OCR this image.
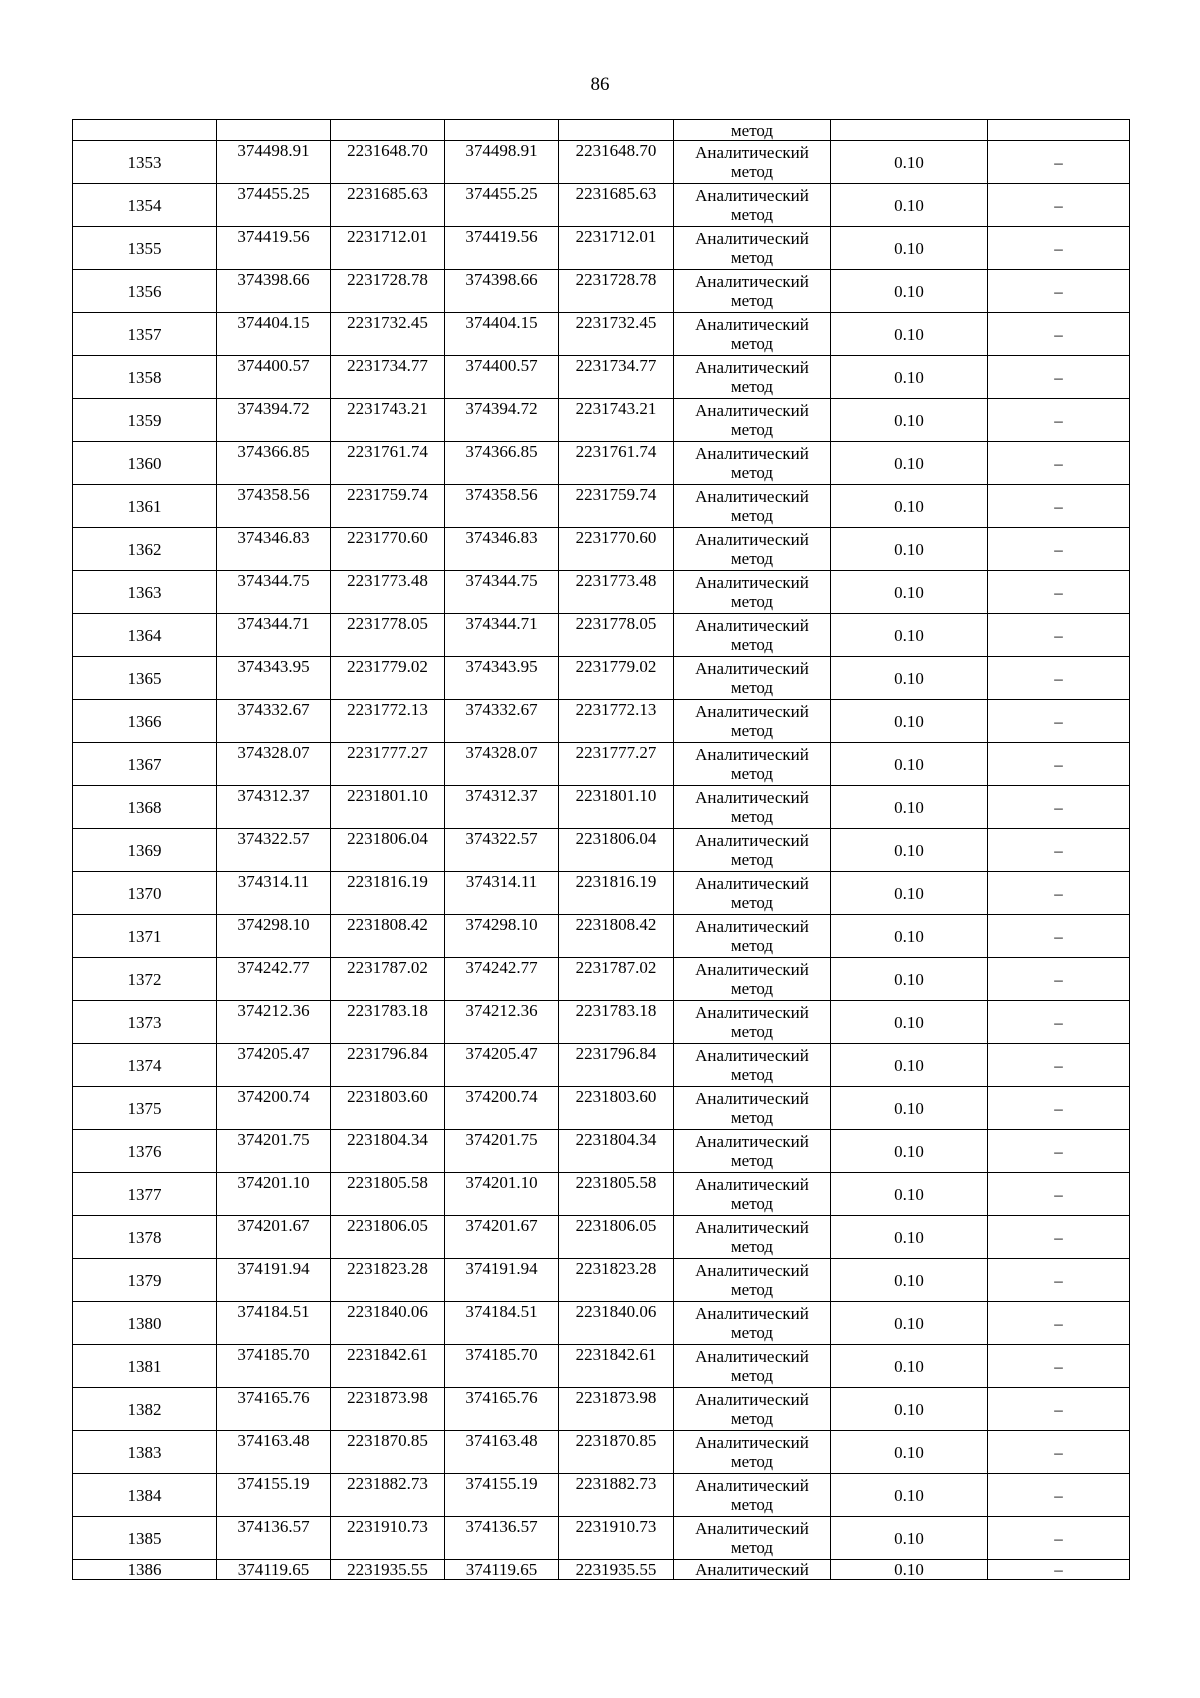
86
					метод		
1353	374498.91	2231648.70	374498.91	2231648.70	Аналитический
метод	0.10	–
1354	374455.25	2231685.63	374455.25	2231685.63	Аналитический
метод	0.10	–
1355	374419.56	2231712.01	374419.56	2231712.01	Аналитический
метод	0.10	–
1356	374398.66	2231728.78	374398.66	2231728.78	Аналитический
метод	0.10	–
1357	374404.15	2231732.45	374404.15	2231732.45	Аналитический
метод	0.10	–
1358	374400.57	2231734.77	374400.57	2231734.77	Аналитический
метод	0.10	–
1359	374394.72	2231743.21	374394.72	2231743.21	Аналитический
метод	0.10	–
1360	374366.85	2231761.74	374366.85	2231761.74	Аналитический
метод	0.10	–
1361	374358.56	2231759.74	374358.56	2231759.74	Аналитический
метод	0.10	–
1362	374346.83	2231770.60	374346.83	2231770.60	Аналитический
метод	0.10	–
1363	374344.75	2231773.48	374344.75	2231773.48	Аналитический
метод	0.10	–
1364	374344.71	2231778.05	374344.71	2231778.05	Аналитический
метод	0.10	–
1365	374343.95	2231779.02	374343.95	2231779.02	Аналитический
метод	0.10	–
1366	374332.67	2231772.13	374332.67	2231772.13	Аналитический
метод	0.10	–
1367	374328.07	2231777.27	374328.07	2231777.27	Аналитический
метод	0.10	–
1368	374312.37	2231801.10	374312.37	2231801.10	Аналитический
метод	0.10	–
1369	374322.57	2231806.04	374322.57	2231806.04	Аналитический
метод	0.10	–
1370	374314.11	2231816.19	374314.11	2231816.19	Аналитический
метод	0.10	–
1371	374298.10	2231808.42	374298.10	2231808.42	Аналитический
метод	0.10	–
1372	374242.77	2231787.02	374242.77	2231787.02	Аналитический
метод	0.10	–
1373	374212.36	2231783.18	374212.36	2231783.18	Аналитический
метод	0.10	–
1374	374205.47	2231796.84	374205.47	2231796.84	Аналитический
метод	0.10	–
1375	374200.74	2231803.60	374200.74	2231803.60	Аналитический
метод	0.10	–
1376	374201.75	2231804.34	374201.75	2231804.34	Аналитический
метод	0.10	–
1377	374201.10	2231805.58	374201.10	2231805.58	Аналитический
метод	0.10	–
1378	374201.67	2231806.05	374201.67	2231806.05	Аналитический
метод	0.10	–
1379	374191.94	2231823.28	374191.94	2231823.28	Аналитический
метод	0.10	–
1380	374184.51	2231840.06	374184.51	2231840.06	Аналитический
метод	0.10	–
1381	374185.70	2231842.61	374185.70	2231842.61	Аналитический
метод	0.10	–
1382	374165.76	2231873.98	374165.76	2231873.98	Аналитический
метод	0.10	–
1383	374163.48	2231870.85	374163.48	2231870.85	Аналитический
метод	0.10	–
1384	374155.19	2231882.73	374155.19	2231882.73	Аналитический
метод	0.10	–
1385	374136.57	2231910.73	374136.57	2231910.73	Аналитический
метод	0.10	–
1386	374119.65	2231935.55	374119.65	2231935.55	Аналитический	0.10	–
